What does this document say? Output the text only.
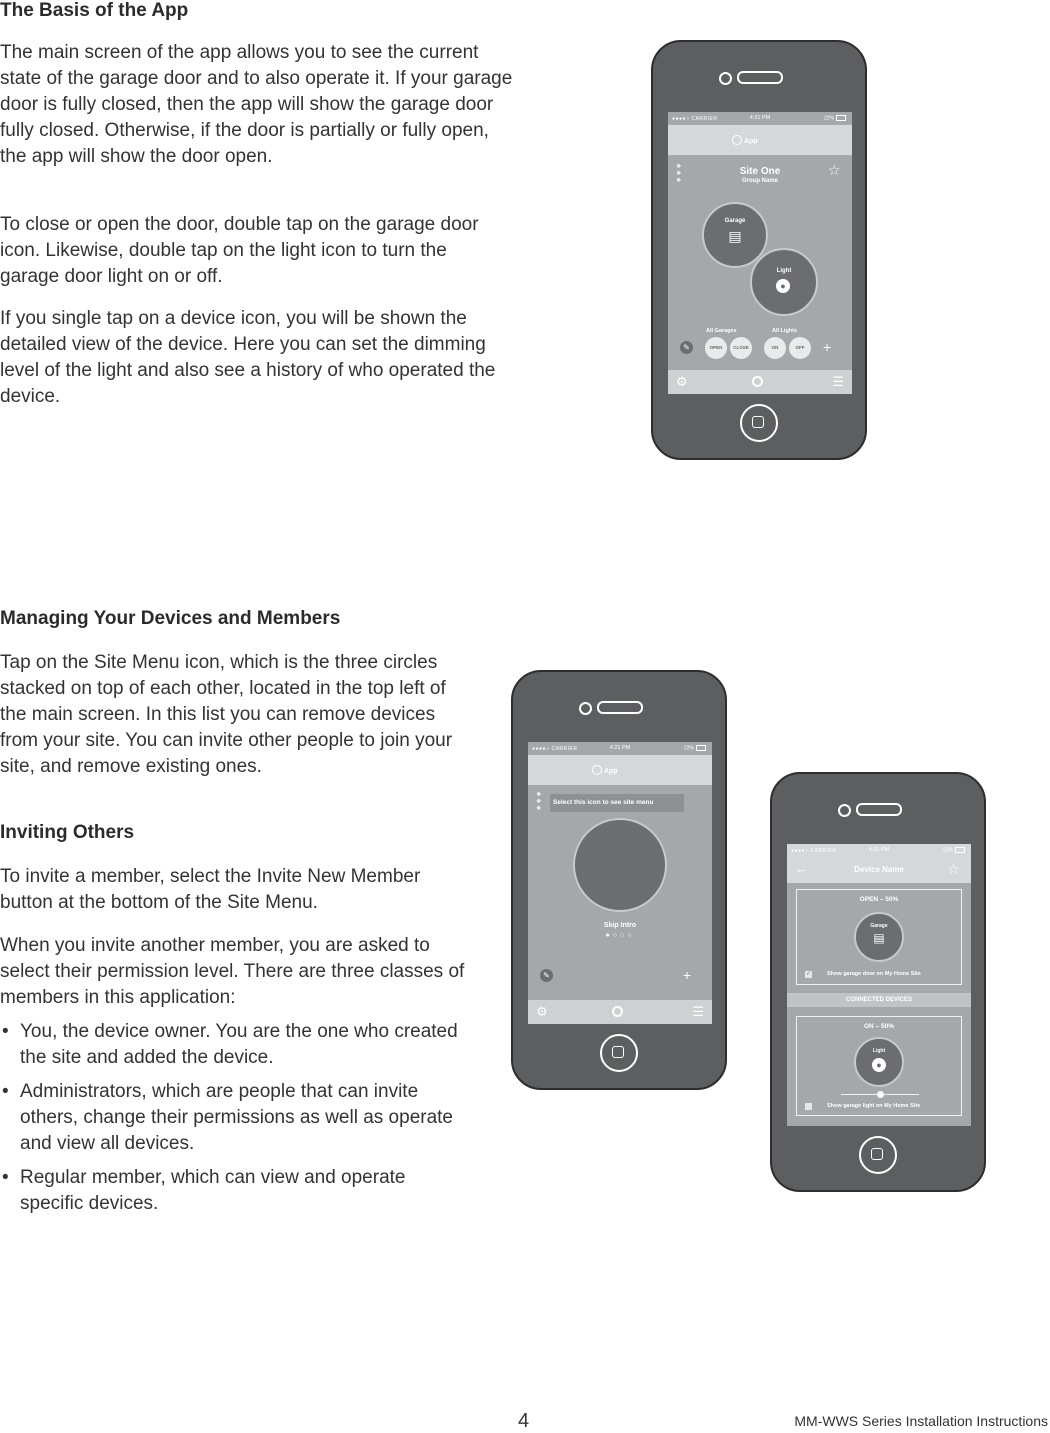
The Basis of the App

The main screen of the app allows you to see the current state of the garage door and to also operate it. If your garage door is fully closed, then the app will show the garage door fully closed. Otherwise, if the door is partially or fully open, the app will show the door open.

To close or open the door, double tap on the garage door icon. Likewise, double tap on the light icon to turn the garage door light on or off.

If you single tap on a device icon, you will be shown the detailed view of the device. Here you can set the dimming level of the light and also see a history of who operated the device.

●●●●○ CARRIER	4:21 PM	22%
App
❖
❖
❖
Site One
Group Name
☆
Garage
▤
Light
●
All Garages	All Lights
✎	OPEN	CLOSE	ON	OFF	+
⚙	☰
Managing Your Devices and Members

Tap on the Site Menu icon, which is the three circles stacked on top of each other, located in the top left of the main screen. In this list you can remove devices from your site. You can invite other people to join your site, and remove existing ones.

Inviting Others

To invite a member, select the Invite New Member button at the bottom of the Site Menu.

When you invite another member, you are asked to select their permission level. There are three classes of members in this application:

• You, the device owner. You are the one who created the site and added the device.
• Administrators, which are people that can invite others, change their permissions as well as operate and view all devices.
• Regular member, which can view and operate specific devices.
●●●●○ CARRIER	4:21 PM	22%
App
❖
❖
❖
Select this icon to see site menu
Skip Intro
●○○○
✎	+
⚙	☰
●●●●○ CARRIER	4:21 PM	22%
←	Device Name	☆
OPEN – 50%
Garage
▤
✓	Show garage door on My Home Site
CONNECTED DEVICES
ON – 50%
Light
●
Show garage light on My Home Site
4	MM-WWS Series Installation Instructions
